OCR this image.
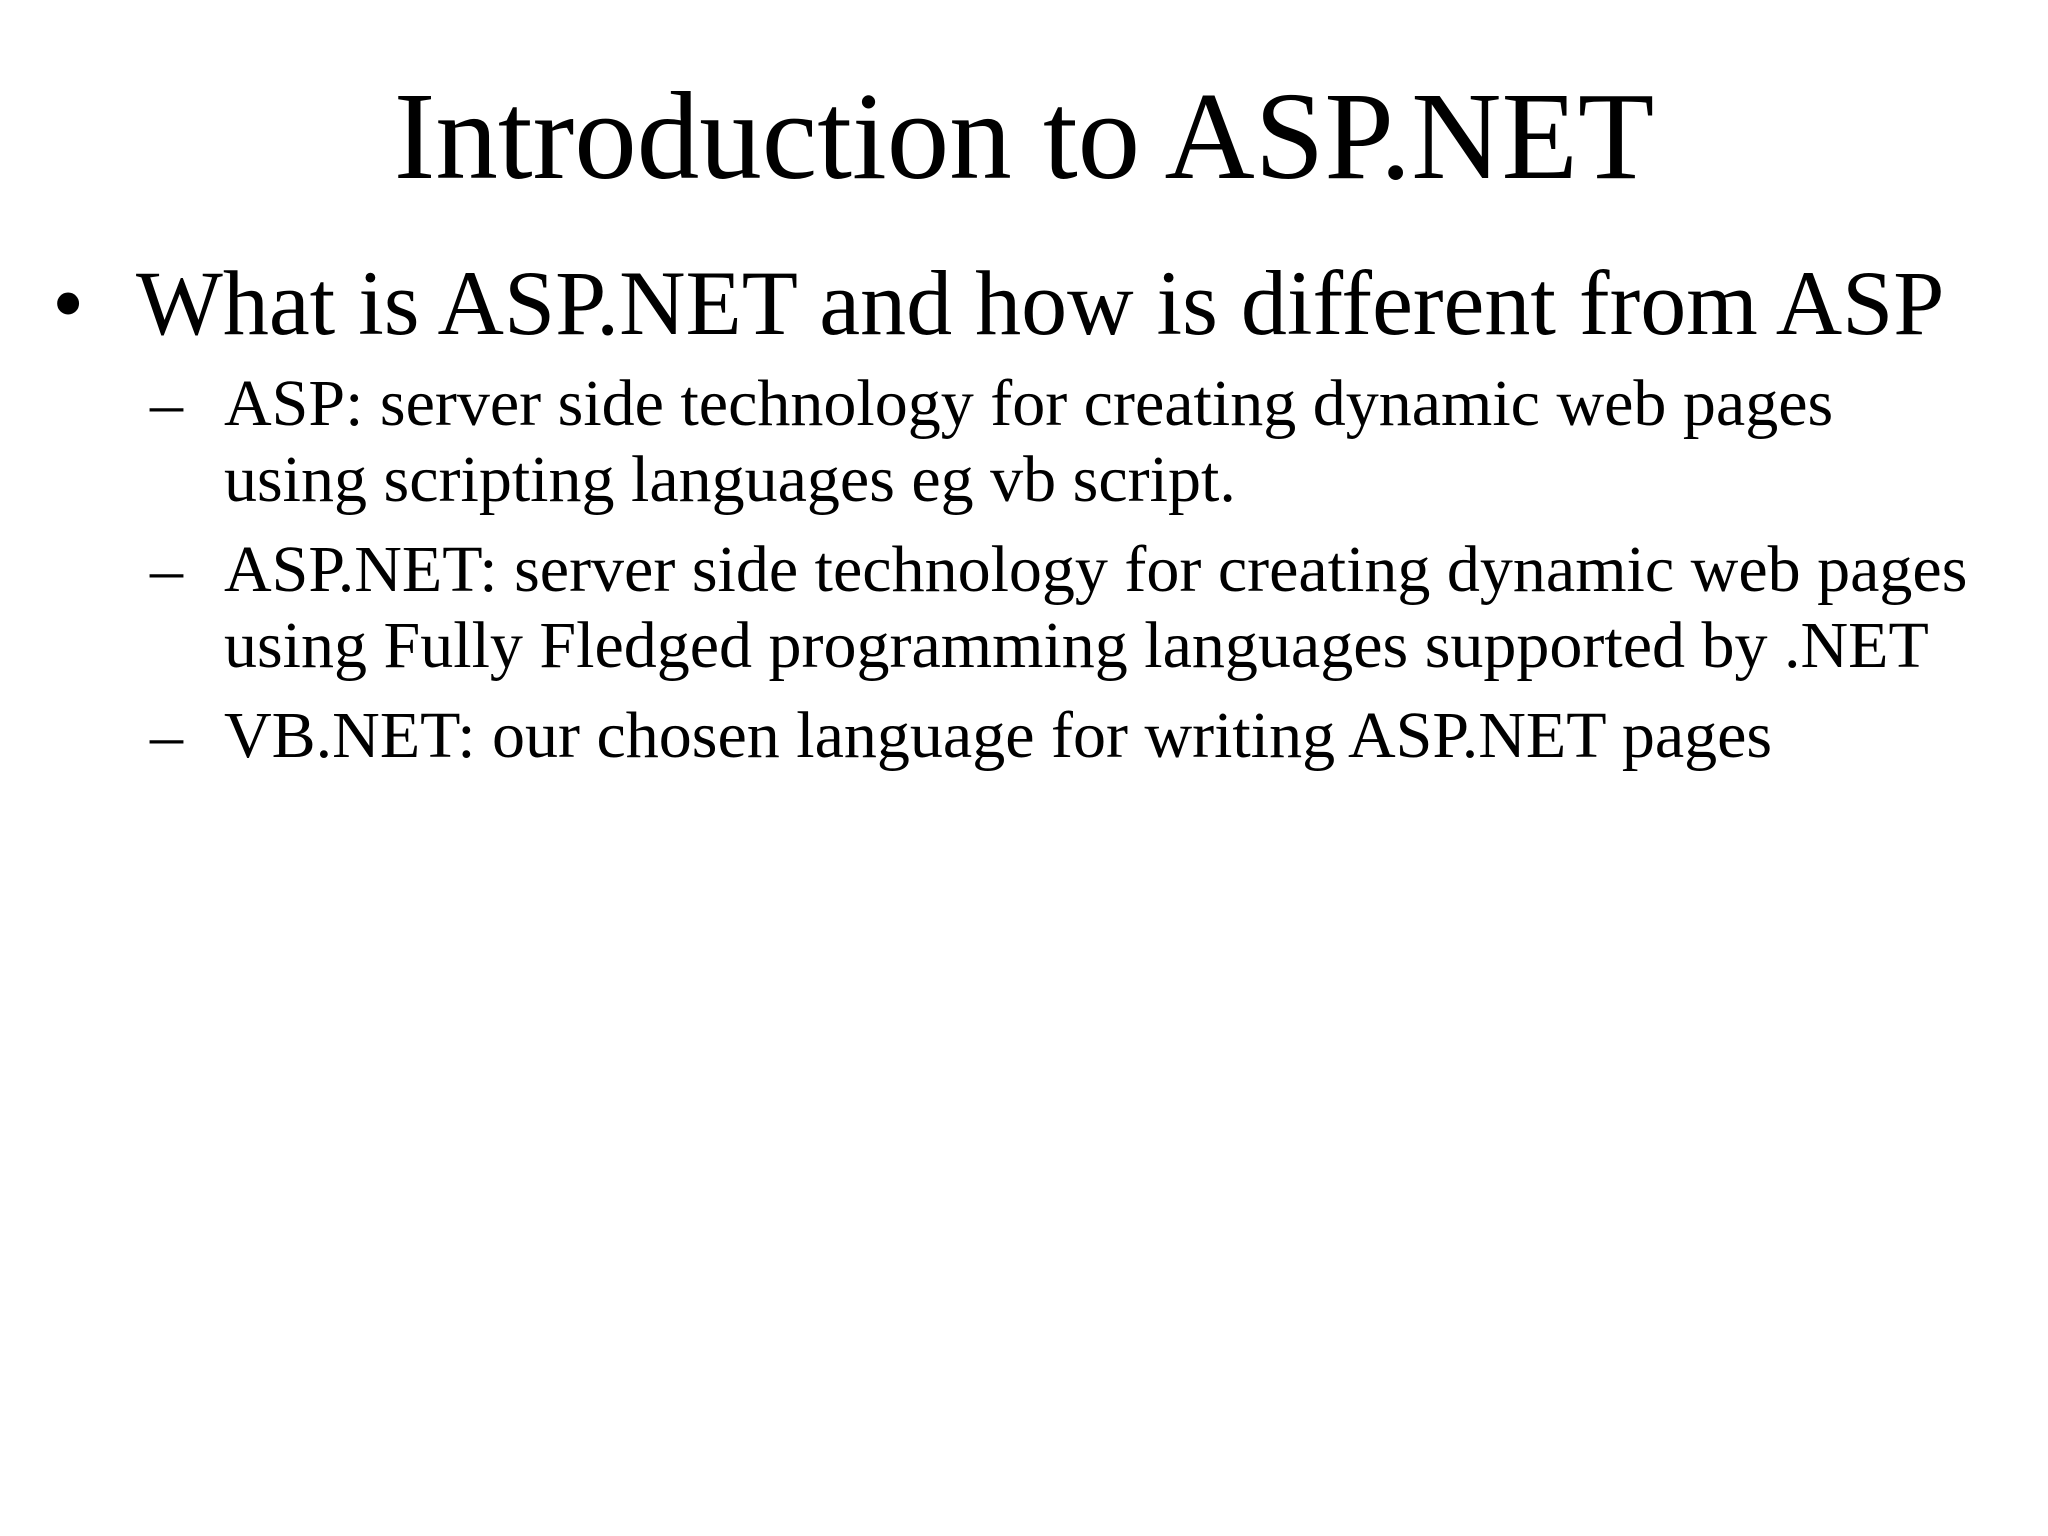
Introduction to ASP.NET
• What is ASP.NET and how is different from ASP
– ASP: server side technology for creating dynamic web pages
using scripting languages eg vb script.
– ASP.NET: server side technology for creating dynamic web pages
using Fully Fledged programming languages supported by .NET
– VB.NET: our chosen language for writing ASP.NET pages
